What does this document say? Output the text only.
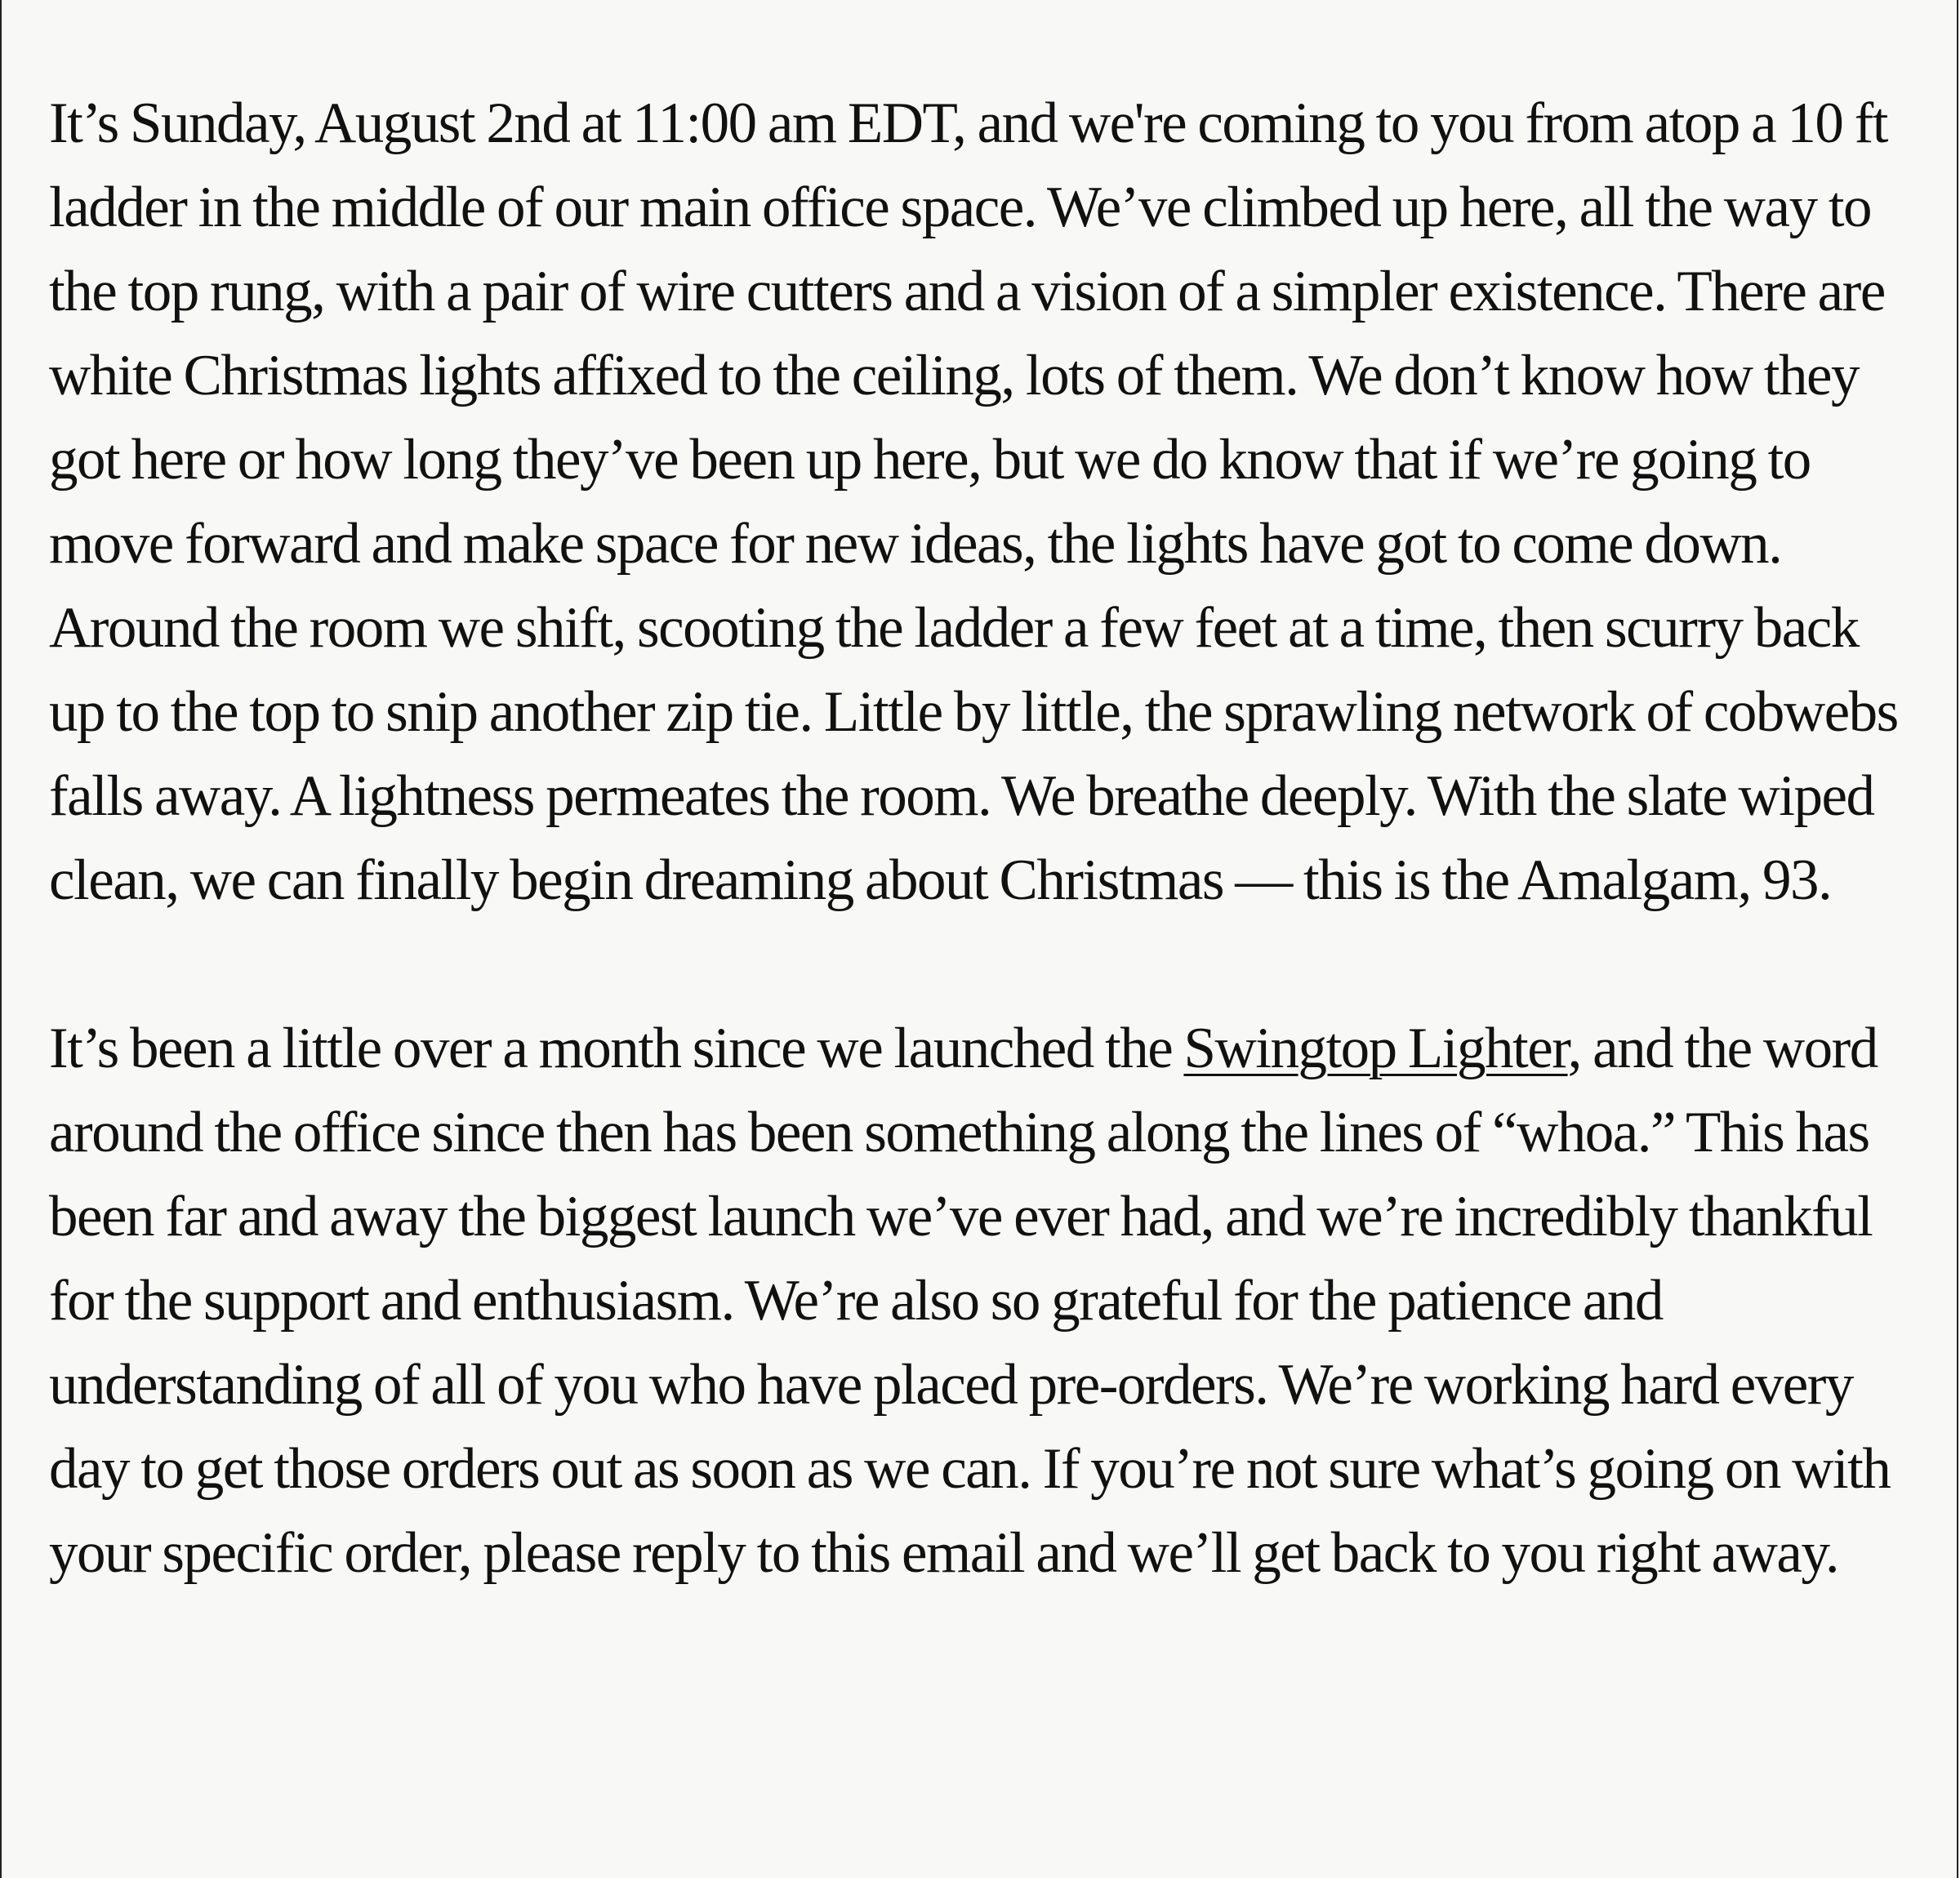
It’s Sunday, August 2nd at 11:00 am EDT, and we're coming to you from atop a 10 ft ladder in the middle of our main office space. We’ve climbed up here, all the way to the top rung, with a pair of wire cutters and a vision of a simpler existence. There are white Christmas lights affixed to the ceiling, lots of them. We don’t know how they got here or how long they’ve been up here, but we do know that if we’re going to move forward and make space for new ideas, the lights have got to come down. Around the room we shift, scooting the ladder a few feet at a time, then scurry back up to the top to snip another zip tie. Little by little, the sprawling network of cobwebs falls away. A lightness permeates the room. We breathe deeply. With the slate wiped clean, we can finally begin dreaming about Christmas — this is the Amalgam, 93.

It’s been a little over a month since we launched the Swingtop Lighter, and the word around the office since then has been something along the lines of “whoa.” This has been far and away the biggest launch we’ve ever had, and we’re incredibly thankful for the support and enthusiasm. We’re also so grateful for the patience and understanding of all of you who have placed pre-orders. We’re working hard every day to get those orders out as soon as we can. If you’re not sure what’s going on with your specific order, please reply to this email and we’ll get back to you right away.
